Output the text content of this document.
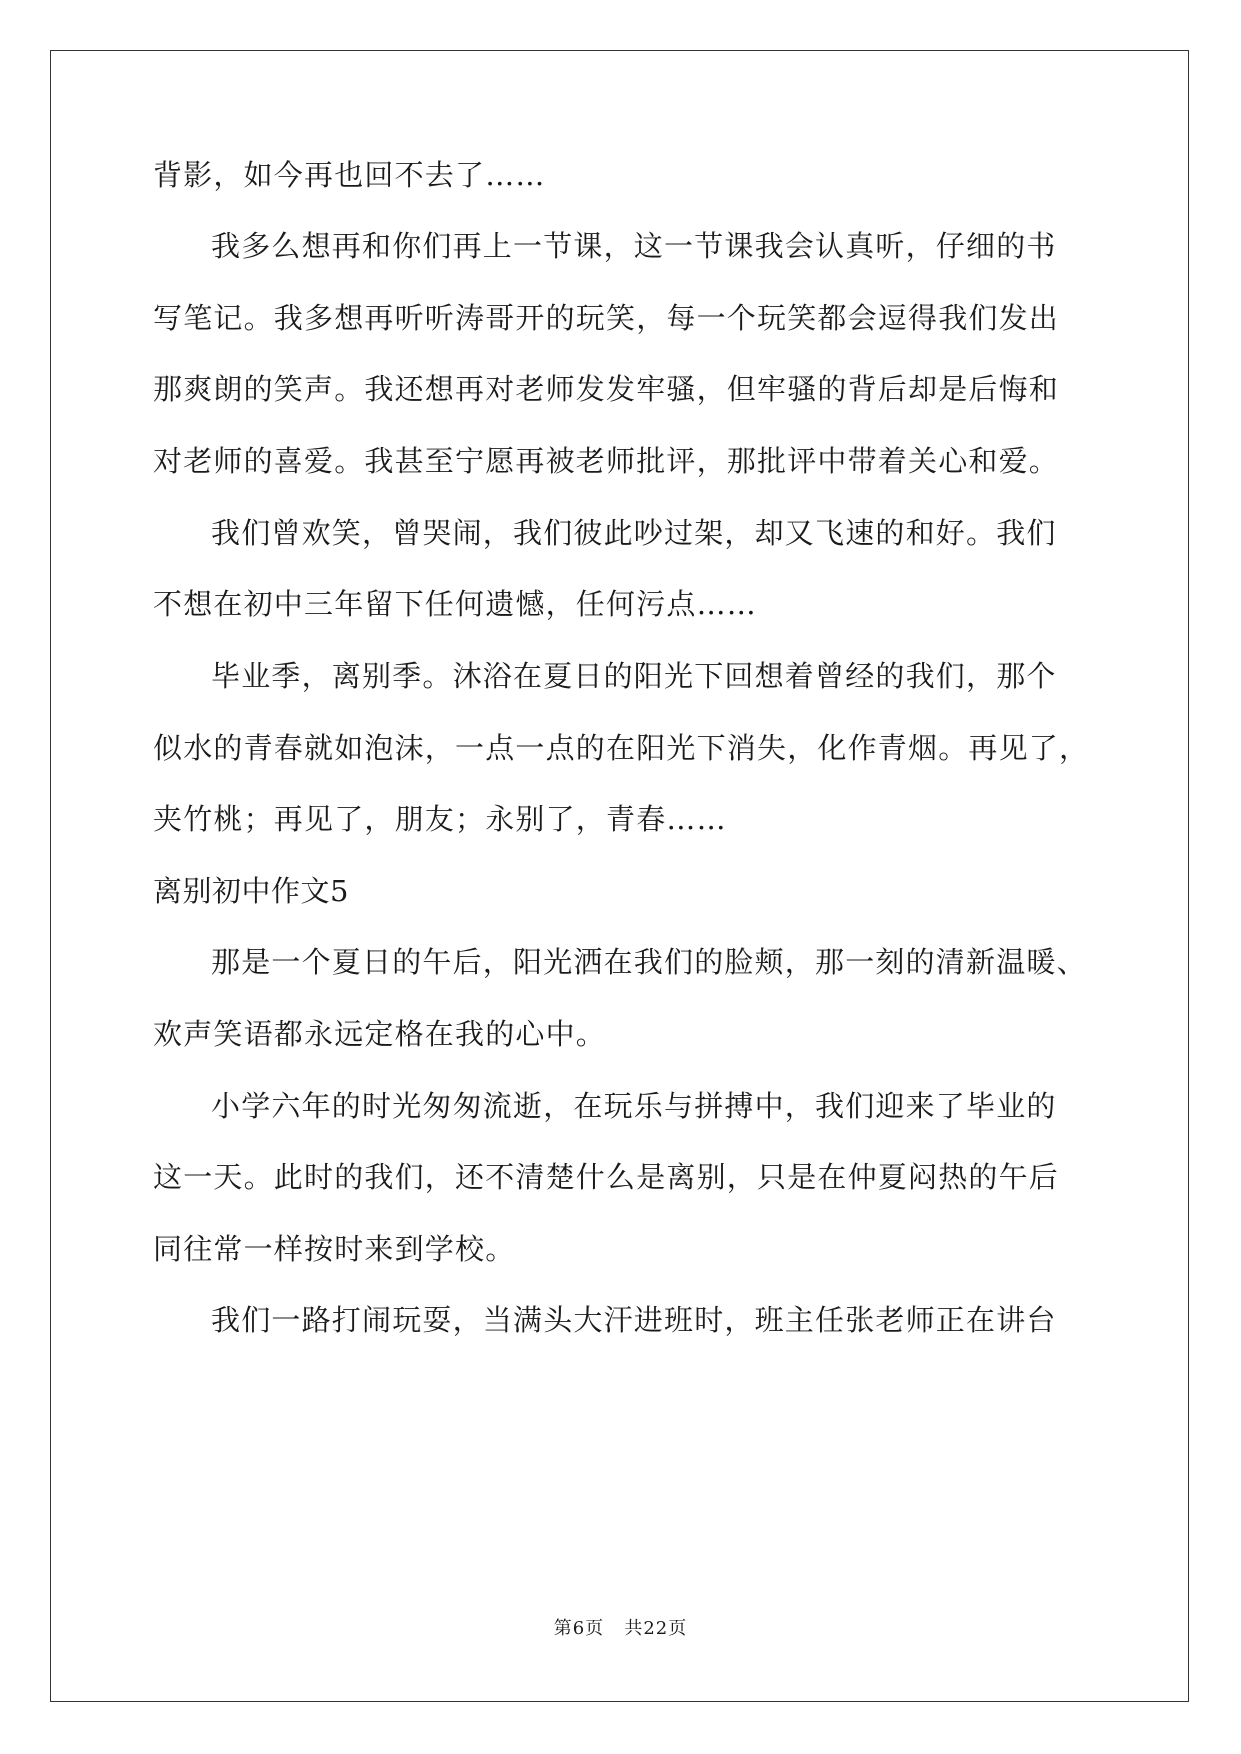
背影，如今再也回不去了……
我多么想再和你们再上一节课，这一节课我会认真听，仔细的书
写笔记。我多想再听听涛哥开的玩笑，每一个玩笑都会逗得我们发出
那爽朗的笑声。我还想再对老师发发牢骚，但牢骚的背后却是后悔和
对老师的喜爱。我甚至宁愿再被老师批评，那批评中带着关心和爱。
我们曾欢笑，曾哭闹，我们彼此吵过架，却又飞速的和好。我们
不想在初中三年留下任何遗憾，任何污点……
毕业季，离别季。沐浴在夏日的阳光下回想着曾经的我们，那个
似水的青春就如泡沫，一点一点的在阳光下消失，化作青烟。再见了，
夹竹桃；再见了，朋友；永别了，青春……
离别初中作文5
那是一个夏日的午后，阳光洒在我们的脸颊，那一刻的清新温暖、
欢声笑语都永远定格在我的心中。
小学六年的时光匆匆流逝，在玩乐与拼搏中，我们迎来了毕业的
这一天。此时的我们，还不清楚什么是离别，只是在仲夏闷热的午后
同往常一样按时来到学校。
我们一路打闹玩耍，当满头大汗进班时，班主任张老师正在讲台
第6页 共22页
